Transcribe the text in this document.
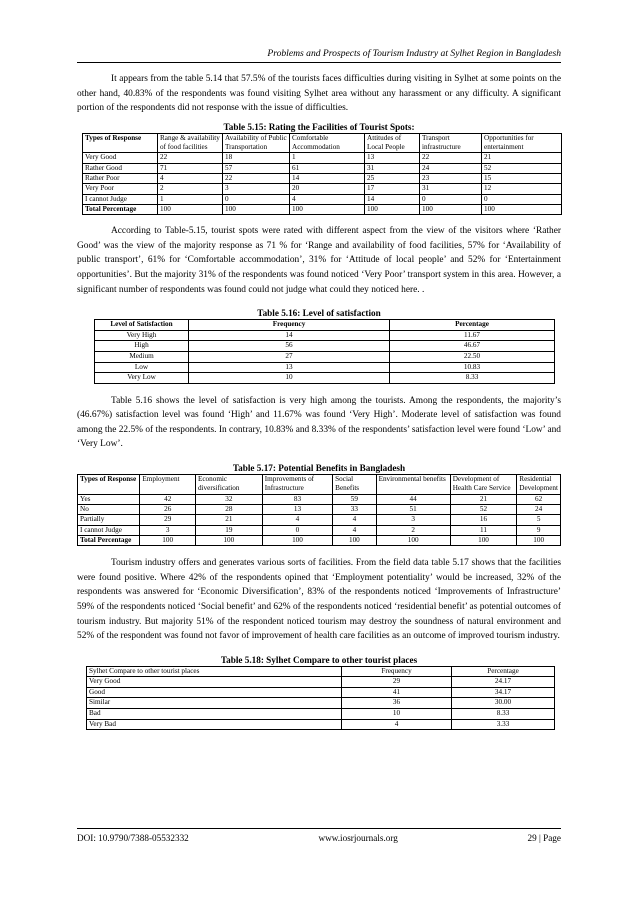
Problems and Prospects of Tourism Industry at Sylhet Region in Bangladesh

It appears from the table 5.14 that 57.5% of the tourists faces difficulties during visiting in Sylhet at some points on the other hand, 40.83% of the respondents was found visiting Sylhet area without any harassment or any difficulty. A significant portion of the respondents did not response with the issue of difficulties.

Table 5.15: Rating the Facilities of Tourist Spots:
Types of Response	Range & availability of food facilities	Availability of Public Transportation	Comfortable Accommodation	Attitudes of Local People	Transport infrastructure	Opportunities for entertainment
Very Good	22	18	1	13	22	21
Rather Good	71	57	61	31	24	52
Rather Poor	4	22	14	25	23	15
Very Poor	2	3	20	17	31	12
I cannot Judge	1	0	4	14	0	0
Total Percentage	100	100	100	100	100	100

According to Table-5.15, tourist spots were rated with different aspect from the view of the visitors where ‘Rather Good’ was the view of the majority response as 71 % for ‘Range and availability of food facilities, 57% for ‘Availability of public transport’, 61% for ‘Comfortable accommodation’, 31% for ‘Attitude of local people’ and 52% for ‘Entertainment opportunities’. But the majority 31% of the respondents was found noticed ‘Very Poor’ transport system in this area. However, a significant number of respondents was found could not judge what could they noticed here. .

Table 5.16: Level of satisfaction
Level of Satisfaction	Frequency	Percentage
Very High	14	11.67
High	56	46.67
Medium	27	22.50
Low	13	10.83
Very Low	10	8.33

Table 5.16 shows the level of satisfaction is very high among the tourists. Among the respondents, the majority’s (46.67%) satisfaction level was found ‘High’ and 11.67% was found ‘Very High’. Moderate level of satisfaction was found among the 22.5% of the respondents. In contrary, 10.83% and 8.33% of the respondents’ satisfaction level were found ‘Low’ and ‘Very Low’.

Table 5.17: Potential Benefits in Bangladesh
Types of Response	Employment	Economic diversification	Improvements of Infrastructure	Social Benefits	Environmental benefits	Development of Health Care Service	Residential Development
Yes	42	32	83	59	44	21	62
No	26	28	13	33	51	52	24
Partially	29	21	4	4	3	16	5
I cannot Judge	3	19	0	4	2	11	9
Total Percentage	100	100	100	100	100	100	100

Tourism industry offers and generates various sorts of facilities. From the field data table 5.17 shows that the facilities were found positive. Where 42% of the respondents opined that ‘Employment potentiality’ would be increased, 32% of the respondents was answered for ‘Economic Diversification’, 83% of the respondents noticed ‘Improvements of Infrastructure’ 59% of the respondents noticed ‘Social benefit’ and 62% of the respondents noticed ‘residential benefit’ as potential outcomes of tourism industry. But majority 51% of the respondent noticed tourism may destroy the soundness of natural environment and 52% of the respondent was found not favor of improvement of health care facilities as an outcome of improved tourism industry.

Table 5.18: Sylhet Compare to other tourist places
Sylhet Compare to other tourist places	Frequency	Percentage
Very Good	29	24.17
Good	41	34.17
Similar	36	30.00
Bad	10	8.33
Very Bad	4	3.33
DOI: 10.9790/7388-05532332	www.iosrjournals.org	29 | Page
